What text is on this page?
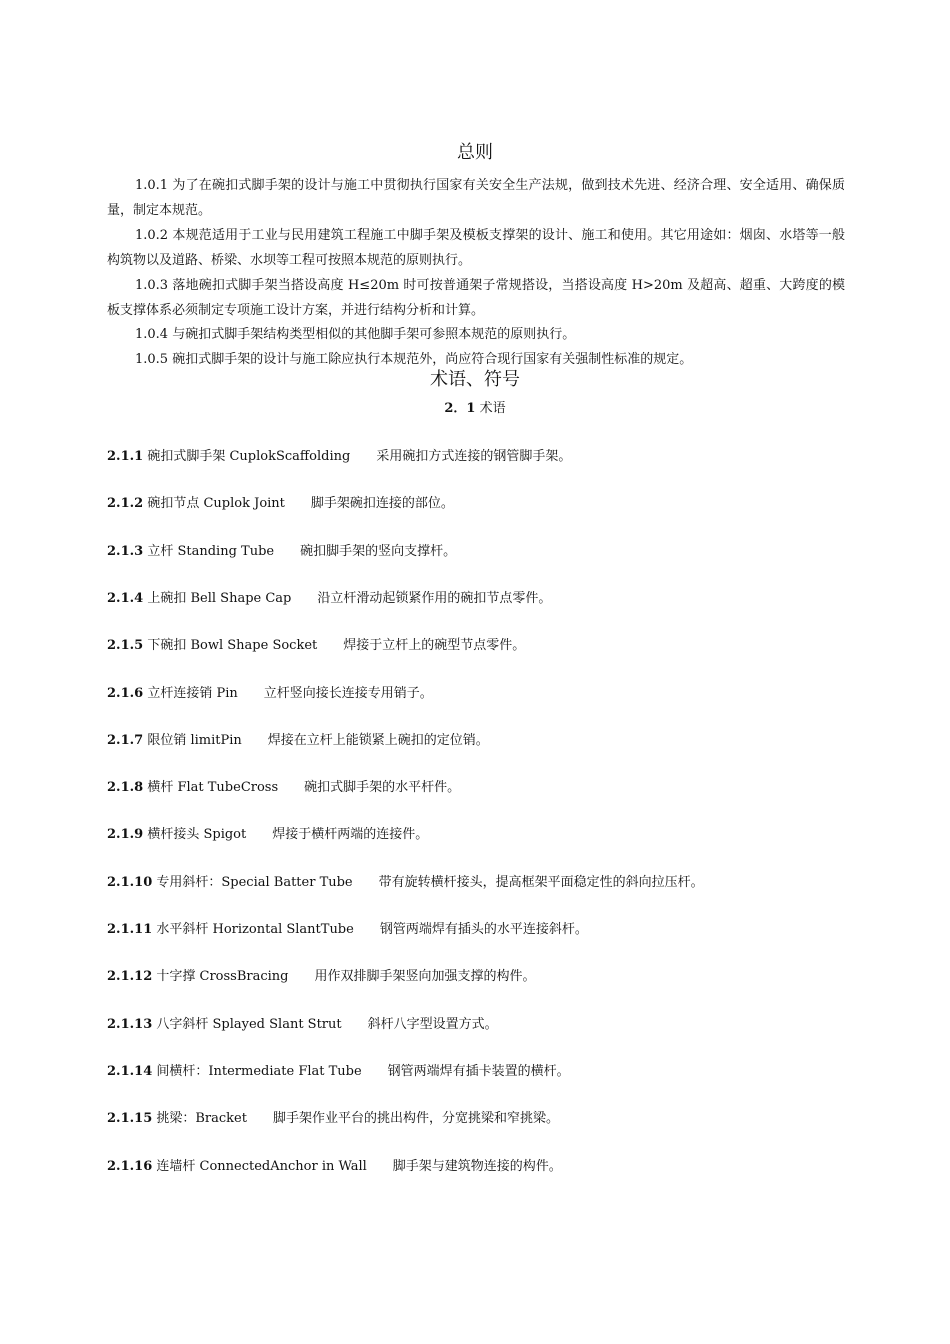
总则

1.0.1 为了在碗扣式脚手架的设计与施工中贯彻执行国家有关安全生产法规，做到技术先进、经济合理、安全适用、确保质量，制定本规范。

1.0.2 本规范适用于工业与民用建筑工程施工中脚手架及模板支撑架的设计、施工和使用。其它用途如：烟囱、水塔等一般构筑物以及道路、桥梁、水坝等工程可按照本规范的原则执行。

1.0.3 落地碗扣式脚手架当搭设高度 H≤20m 时可按普通架子常规搭设，当搭设高度 H>20m 及超高、超重、大跨度的模板支撑体系必须制定专项施工设计方案，并进行结构分析和计算。

1.0.4 与碗扣式脚手架结构类型相似的其他脚手架可参照本规范的原则执行。

1.0.5 碗扣式脚手架的设计与施工除应执行本规范外，尚应符合现行国家有关强制性标准的规定。

术语、符号
2．1 术语

2.1.1 碗扣式脚手架 CuplokScaffolding 采用碗扣方式连接的钢管脚手架。

2.1.2 碗扣节点 Cuplok Joint 脚手架碗扣连接的部位。

2.1.3 立杆 Standing Tube 碗扣脚手架的竖向支撑杆。

2.1.4 上碗扣 Bell Shape Cap 沿立杆滑动起锁紧作用的碗扣节点零件。

2.1.5 下碗扣 Bowl Shape Socket 焊接于立杆上的碗型节点零件。

2.1.6 立杆连接销 Pin 立杆竖向接长连接专用销子。

2.1.7 限位销 limitPin 焊接在立杆上能锁紧上碗扣的定位销。

2.1.8 横杆 Flat TubeCross 碗扣式脚手架的水平杆件。

2.1.9 横杆接头 Spigot 焊接于横杆两端的连接件。

2.1.10 专用斜杆：Special Batter Tube 带有旋转横杆接头，提高框架平面稳定性的斜向拉压杆。

2.1.11 水平斜杆 Horizontal SlantTube 钢管两端焊有插头的水平连接斜杆。

2.1.12 十字撑 CrossBracing 用作双排脚手架竖向加强支撑的构件。

2.1.13 八字斜杆 Splayed Slant Strut 斜杆八字型设置方式。

2.1.14 间横杆：Intermediate Flat Tube 钢管两端焊有插卡装置的横杆。

2.1.15 挑梁：Bracket 脚手架作业平台的挑出构件，分宽挑梁和窄挑梁。

2.1.16 连墙杆 ConnectedAnchor in Wall 脚手架与建筑物连接的构件。
